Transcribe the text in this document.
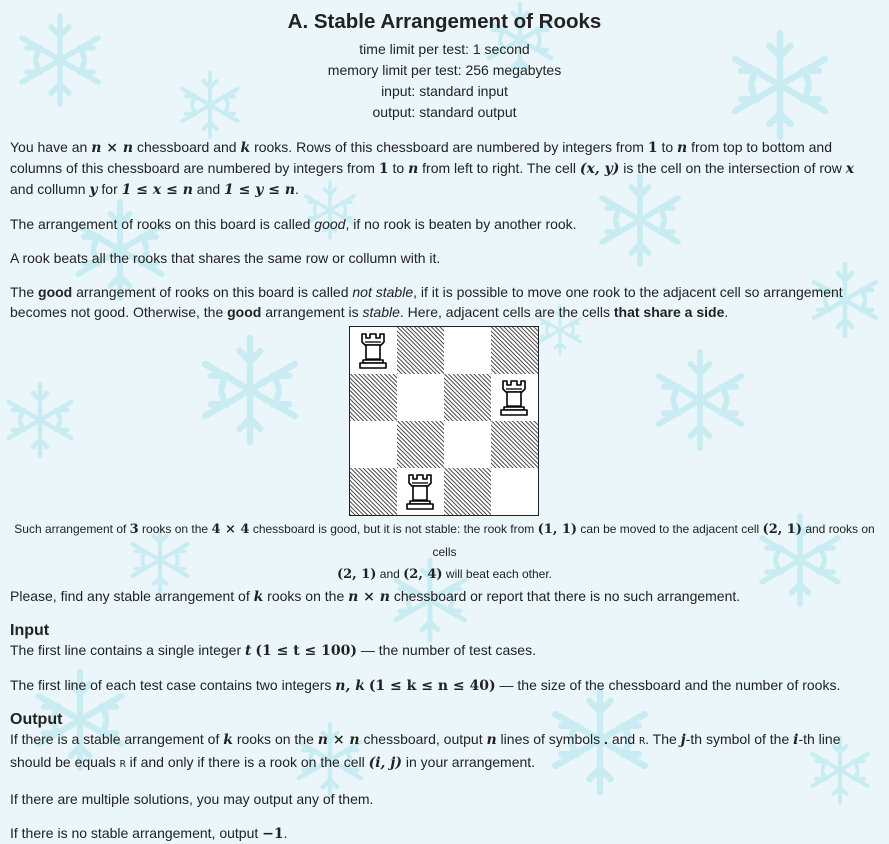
A. Stable Arrangement of Rooks
time limit per test: 1 second
memory limit per test: 256 megabytes
input: standard input
output: standard output

You have an n × n chessboard and k rooks. Rows of this chessboard are numbered by integers from 1 to n from top to bottom and columns of this chessboard are numbered by integers from 1 to n from left to right. The cell (x, y) is the cell on the intersection of row x and collumn y for 1 ≤ x ≤ n and 1 ≤ y ≤ n.

The arrangement of rooks on this board is called good, if no rook is beaten by another rook.

A rook beats all the rooks that shares the same row or collumn with it.

The good arrangement of rooks on this board is called not stable, if it is possible to move one rook to the adjacent cell so arrangement becomes not good. Otherwise, the good arrangement is stable. Here, adjacent cells are the cells that share a side.

Such arrangement of 3 rooks on the 4 × 4 chessboard is good, but it is not stable: the rook from (1, 1) can be moved to the adjacent cell (2, 1) and rooks on cells
(2, 1) and (2, 4) will beat each other.

Please, find any stable arrangement of k rooks on the n × n chessboard or report that there is no such arrangement.

Input

The first line contains a single integer t (1 ≤ t ≤ 100) — the number of test cases.

The first line of each test case contains two integers n, k (1 ≤ k ≤ n ≤ 40) — the size of the chessboard and the number of rooks.

Output

If there is a stable arrangement of k rooks on the n × n chessboard, output n lines of symbols . and R. The j-th symbol of the i-th line should be equals R if and only if there is a rook on the cell (i, j) in your arrangement.

If there are multiple solutions, you may output any of them.

If there is no stable arrangement, output −1.
